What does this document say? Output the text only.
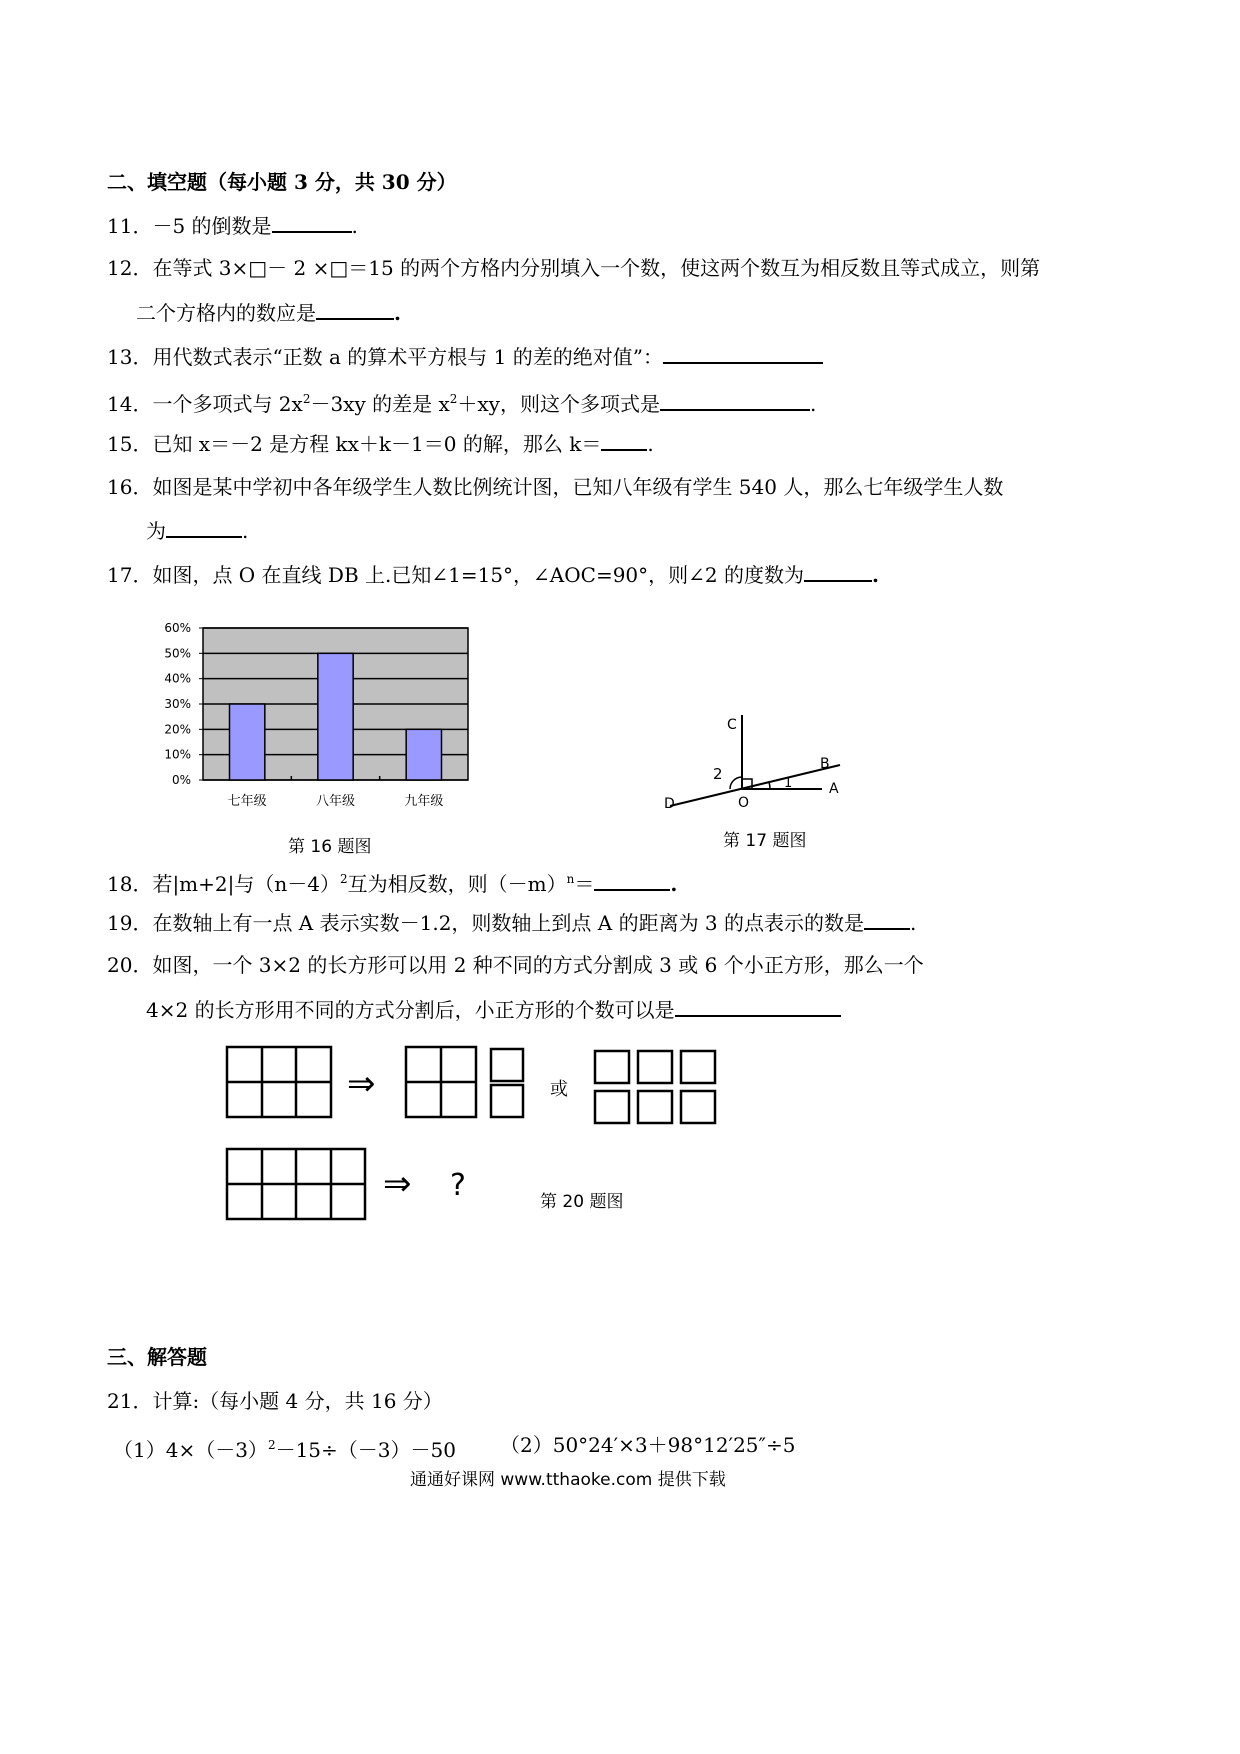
二、填空题（每小题 3 分，共 30 分）
11．－5 的倒数是	.
12．在等式 3×□－ 2 ×□＝15 的两个方格内分别填入一个数，使这两个数互为相反数且等式成立，则第
二个方格内的数应是	.
13．用代数式表示“正数 a 的算术平方根与 1 的差的绝对值”：
14．一个多项式与 $2x^2-3xy$ 的差是 $x^2+xy$，则这个多项式是	.
15．已知 x＝－2 是方程 kx＋k－1＝0 的解，那么 k＝ .
16．如图是某中学初中各年级学生人数比例统计图，已知八年级有学生 540 人，那么七年级学生人数
为	.
17．如图，点 O 在直线 DB 上.已知∠1=15°，∠AOC=90°，则∠2 的度数为	.
0%
10%
20%
30%
40%
50%
60%
七年级	八年级	九年级
第 16 题图
C
B
A
D	O
1
2
第 17 题图
18．若|m+2|与$(n-4)^2$互为相反数，则$(-m)^n=$	.
19．在数轴上有一点 A 表示实数－1.2，则数轴上到点 A 的距离为 3 的点表示的数是 .
20．如图，一个 3×2 的长方形可以用 2 种不同的方式分割成 3 或 6 个小正方形，那么一个
4×2 的长方形用不同的方式分割后，小正方形的个数可以是
⇒	或
⇒ ?	第 20 题图
三、解答题
21．计算:（每小题 4 分，共 16 分）
$(1)4\times(-3)^2-15\div(-3)-50$ （2）50°24′×3＋98°12′25″÷5
通通好课网 www.tthaoke.com 提供下载
